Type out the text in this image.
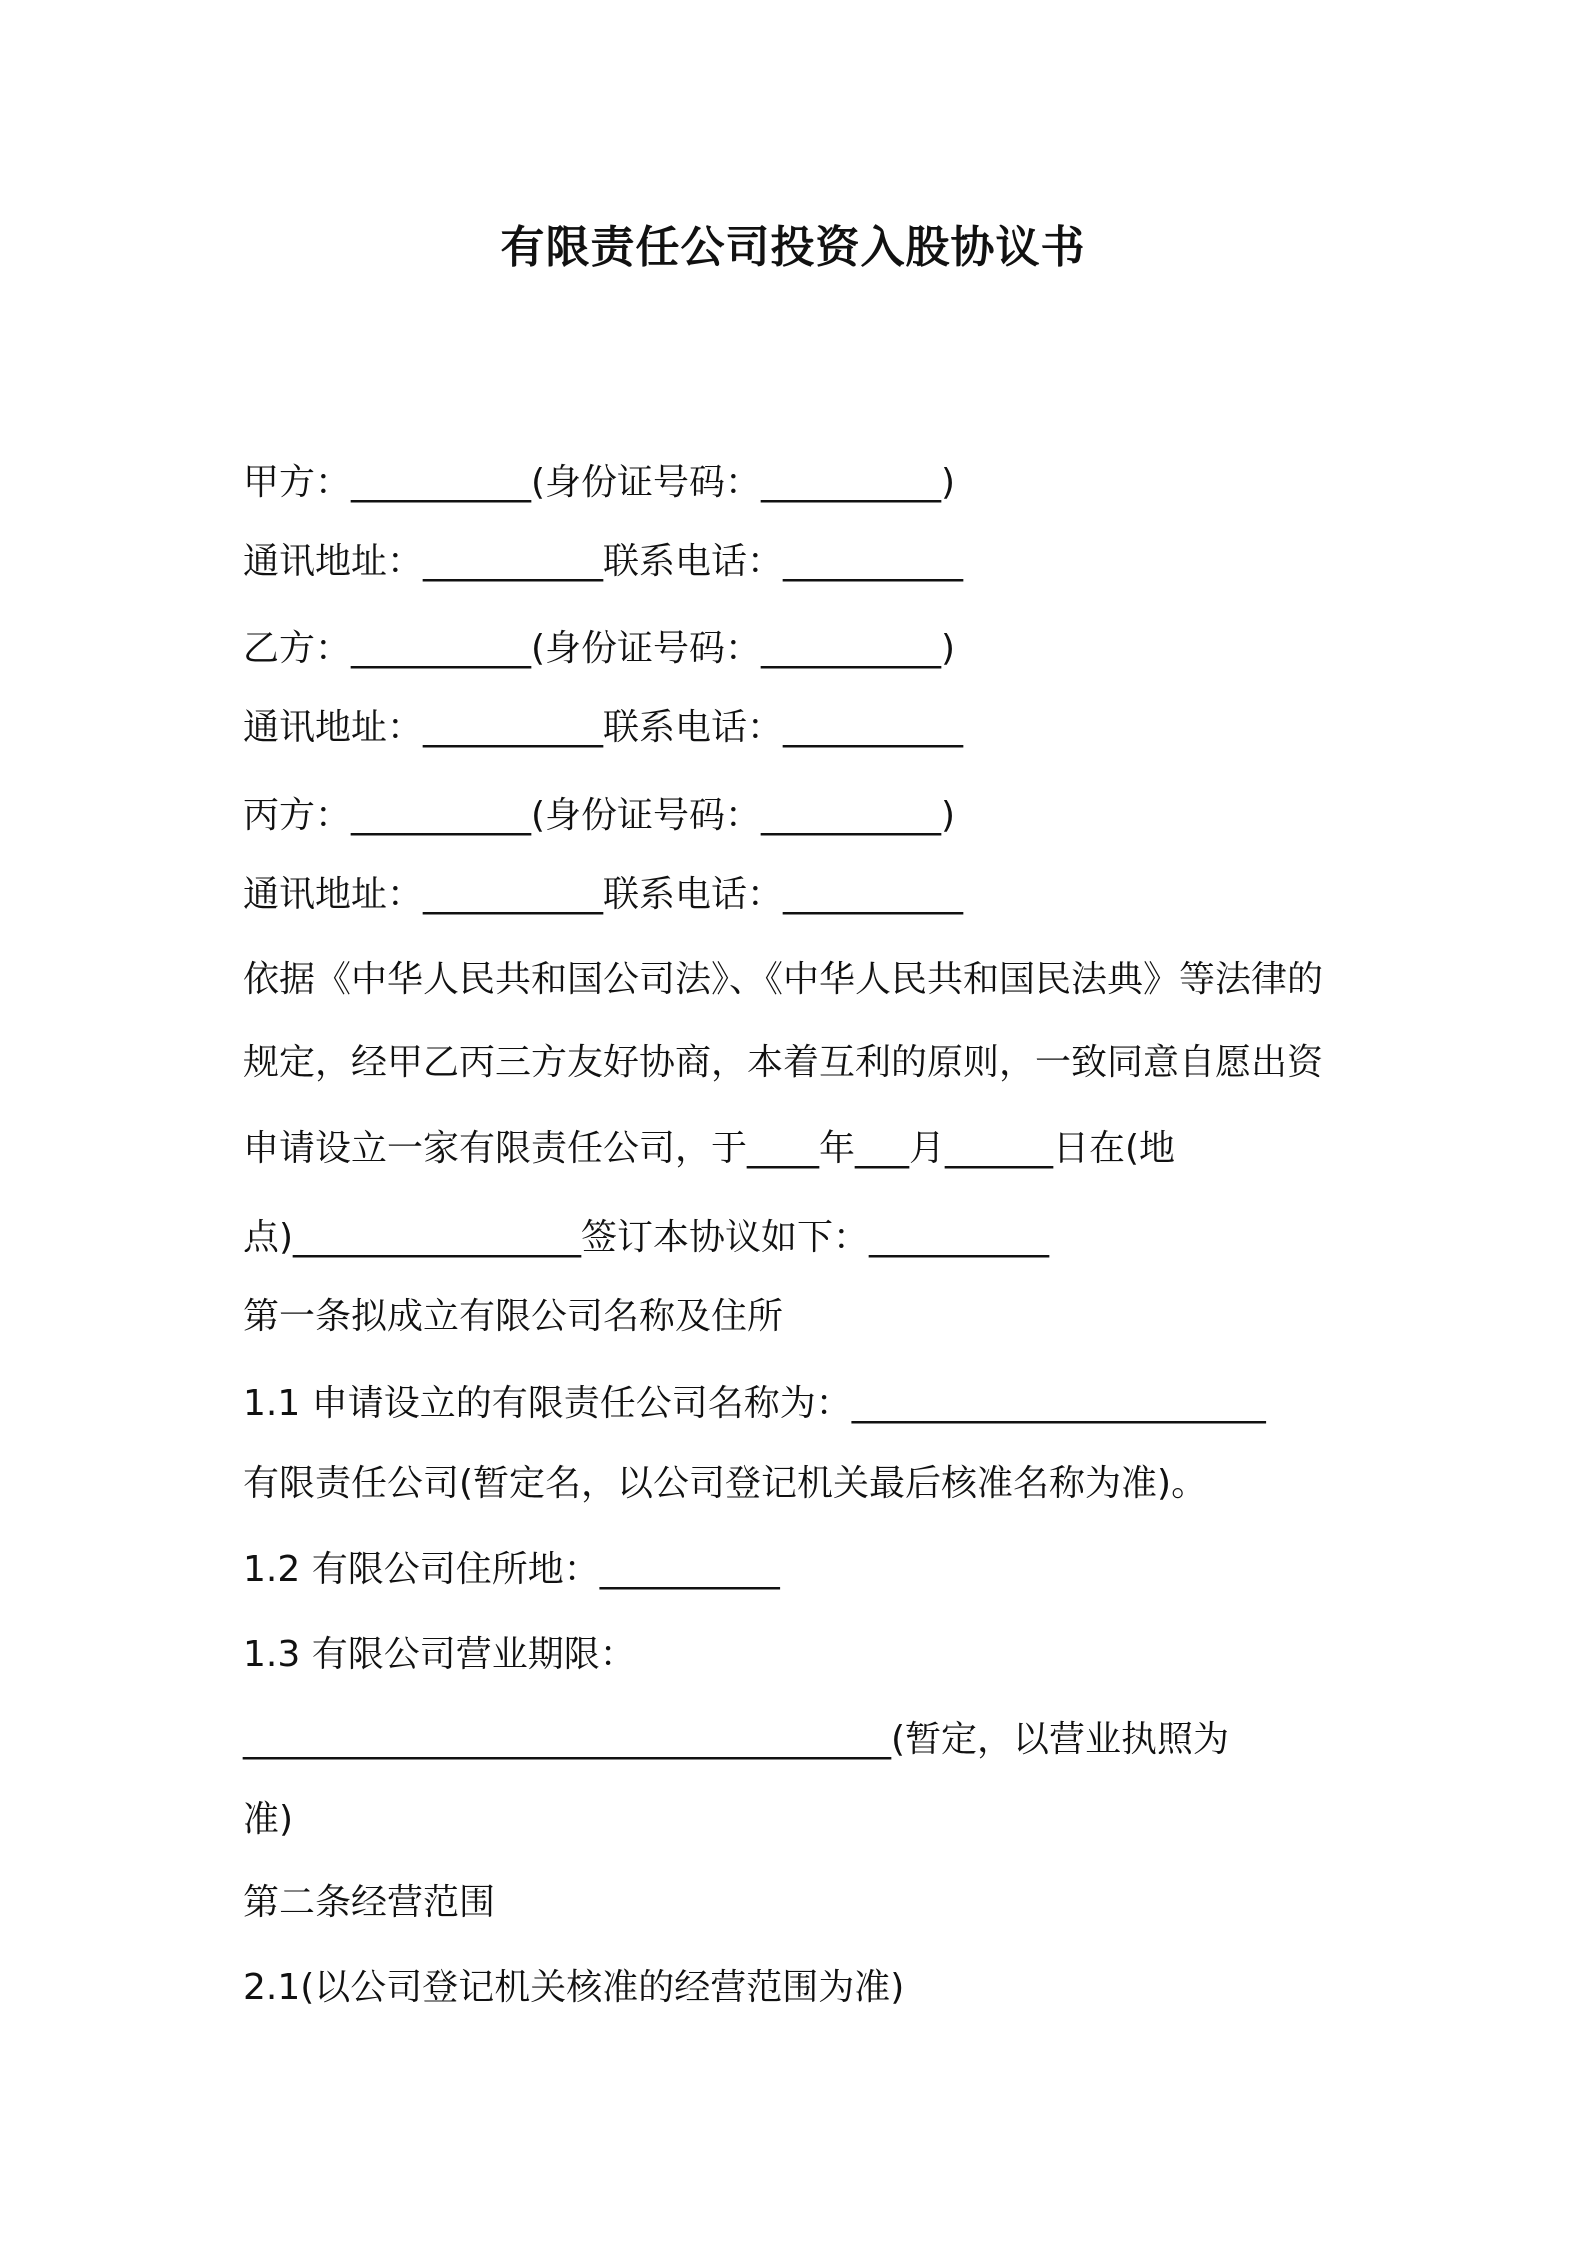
有限责任公司投资入股协议书
甲方：__________(身份证号码：__________)
通讯地址：__________联系电话：__________
乙方：__________(身份证号码：__________)
通讯地址：__________联系电话：__________
丙方：__________(身份证号码：__________)
通讯地址：__________联系电话：__________
依据《中华人民共和国公司法》、《中华人民共和国民法典》等法律的
规定，经甲乙丙三方友好协商，本着互利的原则，一致同意自愿出资
申请设立一家有限责任公司，于____年___月______日在(地
点)________________签订本协议如下：__________
第一条拟成立有限公司名称及住所
1.1 申请设立的有限责任公司名称为：_______________________
有限责任公司(暂定名，以公司登记机关最后核准名称为准)。
1.2 有限公司住所地：__________
1.3 有限公司营业期限：
____________________________________(暂定，以营业执照为
准)
第二条经营范围
2.1(以公司登记机关核准的经营范围为准)
